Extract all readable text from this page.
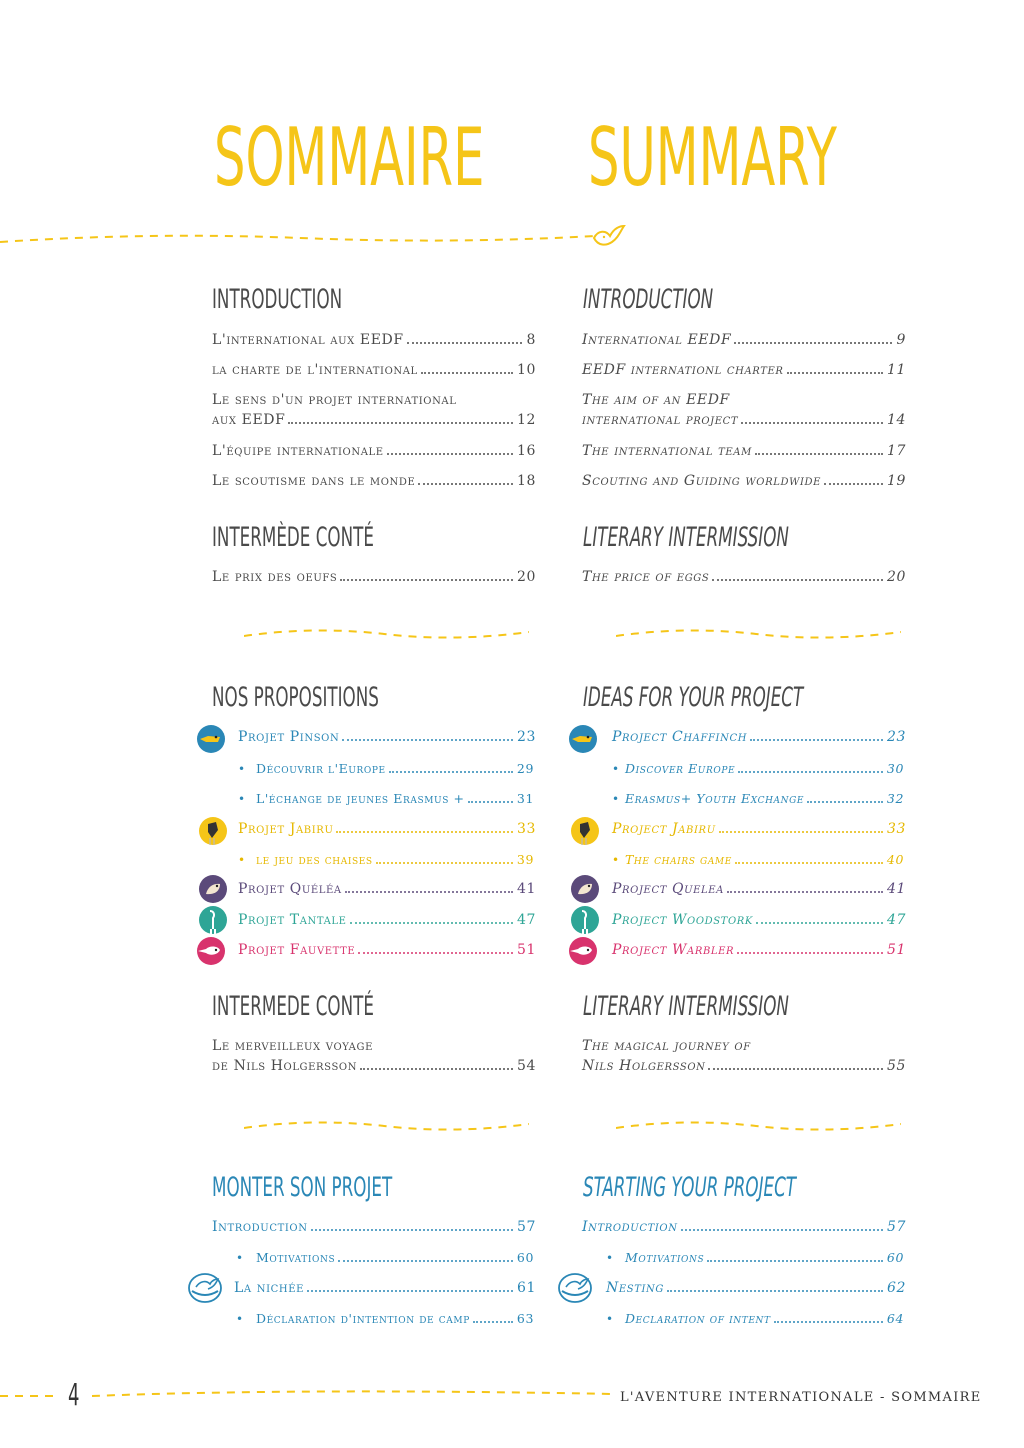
SOMMAIRE SUMMARY
INTRODUCTION
L'international aux EEDF	8
la charte de l'international	10
Le sens d'un projet international
aux EEDF	12
L'équipe internationale	16
Le scoutisme dans le monde	18
INTERMÈDE CONTÉ
Le prix des oeufs	20
NOS PROPOSITIONS
Projet Pinson	23
• Découvrir l'Europe	29
• L'échange de jeunes Erasmus +	31
Projet Jabiru	33
• le jeu des chaises	39
Projet Quéléa	41
Projet Tantale	47
Projet Fauvette	51
INTERMEDE CONTÉ
Le merveilleux voyage
de Nils Holgersson	54
MONTER SON PROJET
Introduction	57
• Motivations	60
La nichée	61
• Déclaration d'intention de camp	63
INTRODUCTION
International EEDF	9
EEDF internationl charter	11
The aim of an EEDF
international project	14
The international team	17
Scouting and Guiding worldwide	19
LITERARY INTERMISSION
The price of eggs	20
IDEAS FOR YOUR PROJECT
Project Chaffinch	23
• Discover Europe	30
• Erasmus+ Youth Exchange	32
Project Jabiru	33
• The chairs game	40
Project Quelea	41
Project Woodstork	47
Project Warbler	51
LITERARY INTERMISSION
The magical journey of
Nils Holgersson	55
STARTING YOUR PROJECT
Introduction	57
• Motivations	60
Nesting	62
• Declaration of intent	64
4	L'AVENTURE INTERNATIONALE - SOMMAIRE
